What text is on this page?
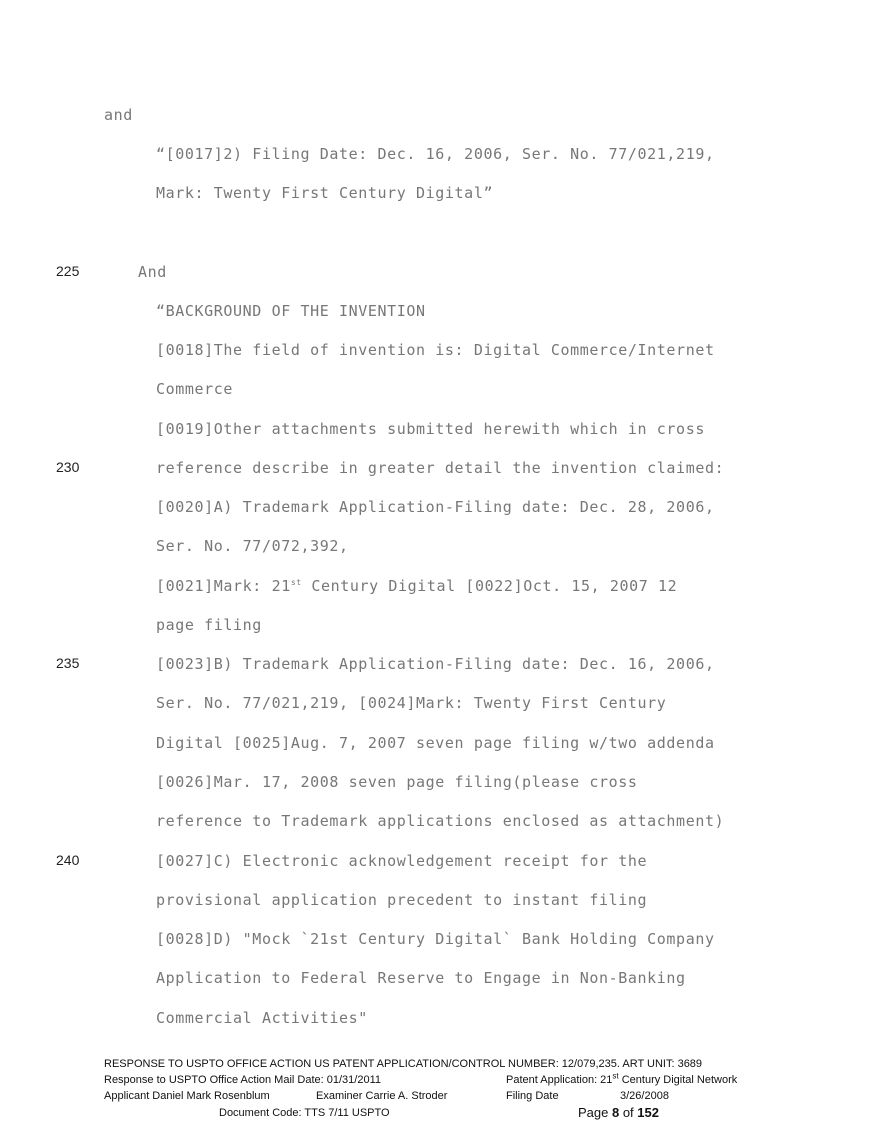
and
“[0017]2) Filing Date: Dec. 16, 2006, Ser. No. 77/021,219,
Mark: Twenty First Century Digital”
225	And
“BACKGROUND OF THE INVENTION
[0018]The field of invention is: Digital Commerce/Internet
Commerce
[0019]Other attachments submitted herewith which in cross
230	reference describe in greater detail the invention claimed:
[0020]A) Trademark Application-Filing date: Dec. 28, 2006,
Ser. No. 77/072,392,
[0021]Mark: 21st Century Digital [0022]Oct. 15, 2007 12
page filing
235	[0023]B) Trademark Application-Filing date: Dec. 16, 2006,
Ser. No. 77/021,219, [0024]Mark: Twenty First Century
Digital [0025]Aug. 7, 2007 seven page filing w/two addenda
[0026]Mar. 17, 2008 seven page filing(please cross
reference to Trademark applications enclosed as attachment)
240	[0027]C) Electronic acknowledgement receipt for the
provisional application precedent to instant filing
[0028]D) "Mock `21st Century Digital` Bank Holding Company
Application to Federal Reserve to Engage in Non-Banking
Commercial Activities"
RESPONSE TO USPTO OFFICE ACTION US PATENT APPLICATION/CONTROL NUMBER: 12/079,235. ART UNIT: 3689
Response to USPTO Office Action Mail Date: 01/31/2011	Patent Application: 21st Century Digital Network
Applicant Daniel Mark Rosenblum	Examiner Carrie A. Stroder	Filing Date	3/26/2008
Document Code: TTS 7/11 USPTO	Page 8 of 152
